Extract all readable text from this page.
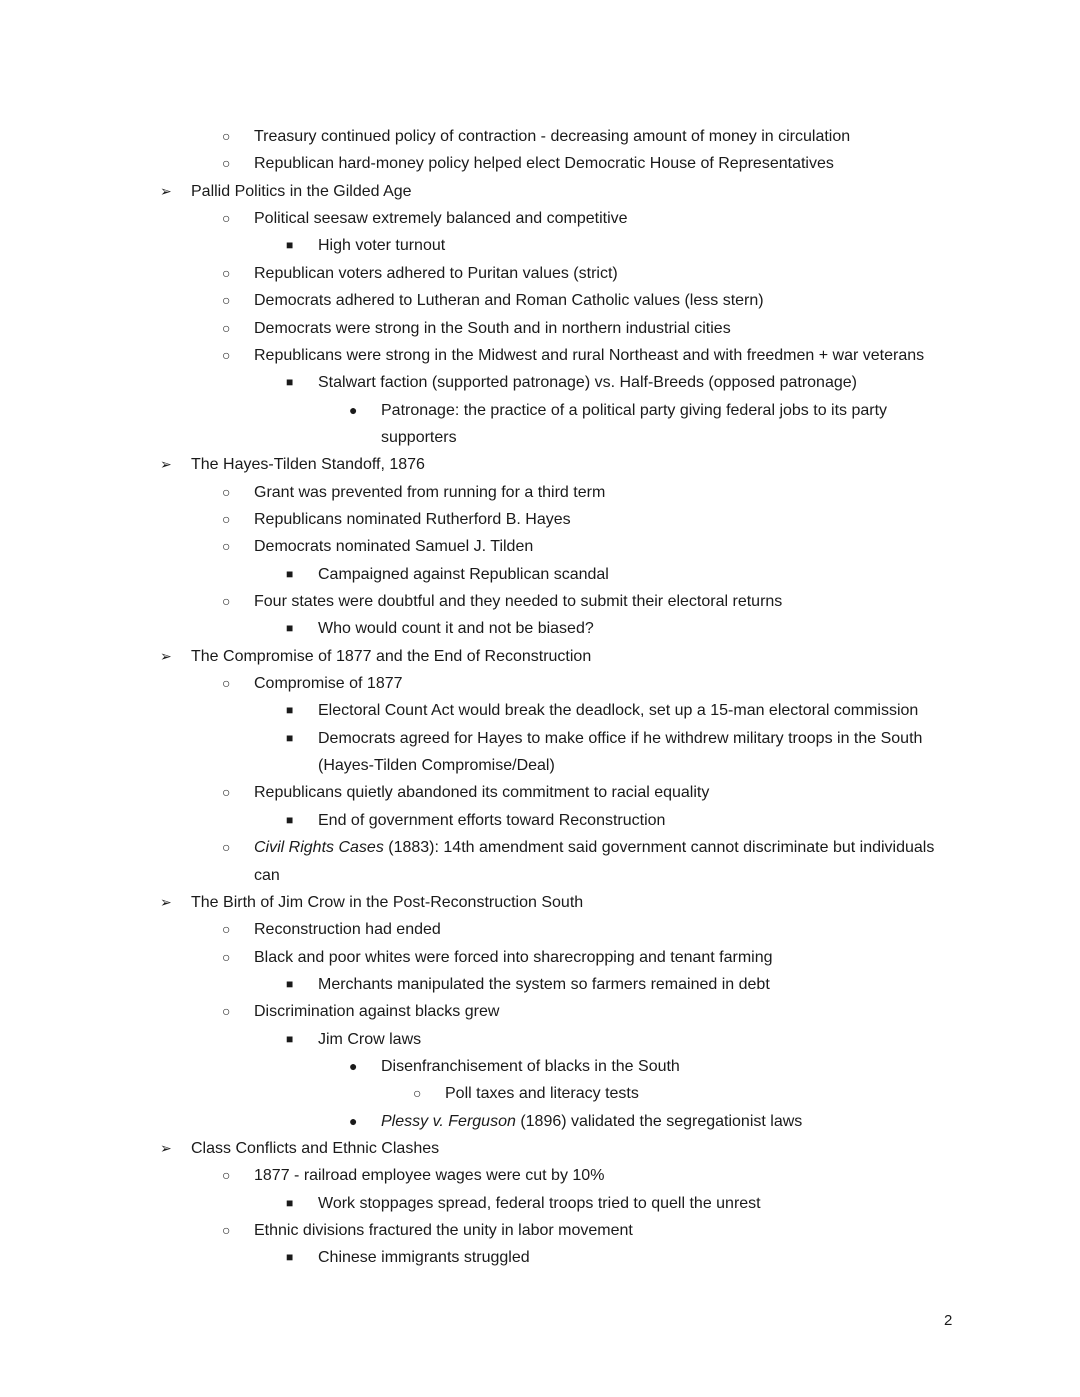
○ Treasury continued policy of contraction - decreasing amount of money in circulation
○ Republican hard-money policy helped elect Democratic House of Representatives
➢ Pallid Politics in the Gilded Age
○ Political seesaw extremely balanced and competitive
■ High voter turnout
○ Republican voters adhered to Puritan values (strict)
○ Democrats adhered to Lutheran and Roman Catholic values (less stern)
○ Democrats were strong in the South and in northern industrial cities
○ Republicans were strong in the Midwest and rural Northeast and with freedmen + war veterans
■ Stalwart faction (supported patronage) vs. Half-Breeds (opposed patronage)
● Patronage: the practice of a political party giving federal jobs to its party
supporters
➢ The Hayes-Tilden Standoff, 1876
○ Grant was prevented from running for a third term
○ Republicans nominated Rutherford B. Hayes
○ Democrats nominated Samuel J. Tilden
■ Campaigned against Republican scandal
○ Four states were doubtful and they needed to submit their electoral returns
■ Who would count it and not be biased?
➢ The Compromise of 1877 and the End of Reconstruction
○ Compromise of 1877
■ Electoral Count Act would break the deadlock, set up a 15-man electoral commission
■ Democrats agreed for Hayes to make office if he withdrew military troops in the South
(Hayes-Tilden Compromise/Deal)
○ Republicans quietly abandoned its commitment to racial equality
■ End of government efforts toward Reconstruction
○ Civil Rights Cases (1883): 14th amendment said government cannot discriminate but individuals
can
➢ The Birth of Jim Crow in the Post-Reconstruction South
○ Reconstruction had ended
○ Black and poor whites were forced into sharecropping and tenant farming
■ Merchants manipulated the system so farmers remained in debt
○ Discrimination against blacks grew
■ Jim Crow laws
● Disenfranchisement of blacks in the South
○ Poll taxes and literacy tests
● Plessy v. Ferguson (1896) validated the segregationist laws
➢ Class Conflicts and Ethnic Clashes
○ 1877 - railroad employee wages were cut by 10%
■ Work stoppages spread, federal troops tried to quell the unrest
○ Ethnic divisions fractured the unity in labor movement
■ Chinese immigrants struggled
2
